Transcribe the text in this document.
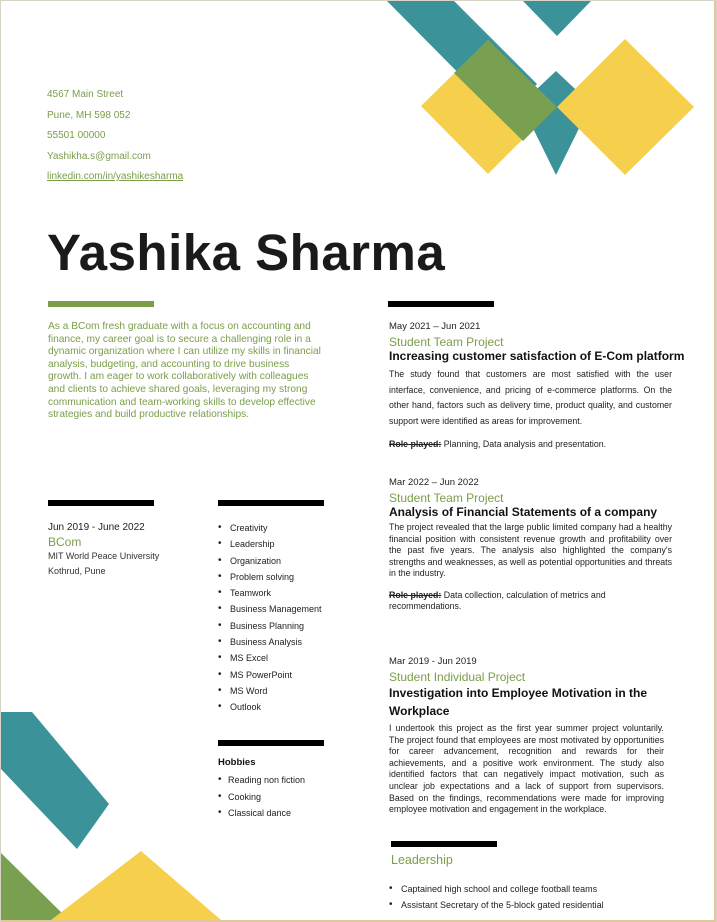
4567 Main Street
Pune, MH 598 052
55501 00000
Yashikha.s@gmail.com
linkedin.com/in/yashikesharma
Yashika Sharma
As a BCom fresh graduate with a focus on accounting and finance, my career goal is to secure a challenging role in a dynamic organization where I can utilize my skills in financial analysis, budgeting, and accounting to drive business growth. I am eager to work collaboratively with colleagues and clients to achieve shared goals, leveraging my strong communication and team-working skills to develop effective strategies and build productive relationships.
Jun 2019 - June 2022
BCom
MIT World Peace University
Kothrud, Pune
• Creativity
• Leadership
• Organization
• Problem solving
• Teamwork
• Business Management
• Business Planning
• Business Analysis
• MS Excel
• MS PowerPoint
• MS Word
• Outlook
Hobbies
• Reading non fiction
• Cooking
• Classical dance
May 2021 – Jun 2021
Student Team Project
Increasing customer satisfaction of E-Com platform
The study found that customers are most satisfied with the user interface, convenience, and pricing of e-commerce platforms. On the other hand, factors such as delivery time, product quality, and customer support were identified as areas for improvement.
Role played: Planning, Data analysis and presentation.
Mar 2022 – Jun 2022
Student Team Project
Analysis of Financial Statements of a company
The project revealed that the large public limited company had a healthy financial position with consistent revenue growth and profitability over the past five years. The analysis also highlighted the company's strengths and weaknesses, as well as potential opportunities and threats in the industry.
Role played: Data collection, calculation of metrics and recommendations.
Mar 2019 - Jun 2019
Student Individual Project
Investigation into Employee Motivation in the Workplace
I undertook this project as the first year summer project voluntarily. The project found that employees are most motivated by opportunities for career advancement, recognition and rewards for their achievements, and a positive work environment. The study also identified factors that can negatively impact motivation, such as unclear job expectations and a lack of support from supervisors. Based on the findings, recommendations were made for improving employee motivation and engagement in the workplace.
Leadership
• Captained high school and college football teams
• Assistant Secretary of the 5-block gated residential
